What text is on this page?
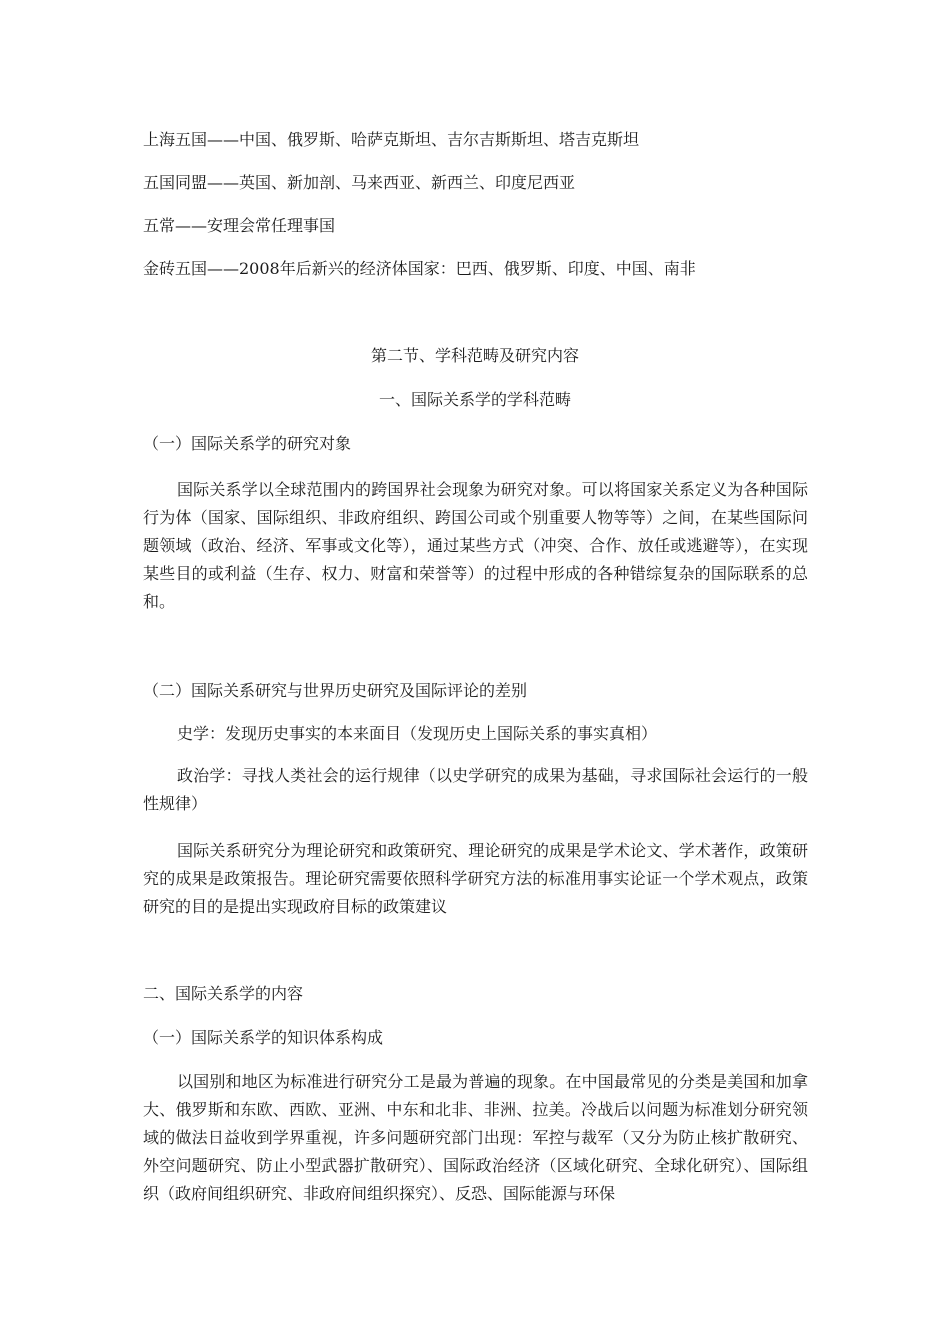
上海五国——中国、俄罗斯、哈萨克斯坦、吉尔吉斯斯坦、塔吉克斯坦
五国同盟——英国、新加剖、马来西亚、新西兰、印度尼西亚
五常——安理会常任理事国
金砖五国——2008年后新兴的经济体国家：巴西、俄罗斯、印度、中国、南非
第二节、学科范畴及研究内容
一、国际关系学的学科范畴
（一）国际关系学的研究对象
国际关系学以全球范围内的跨国界社会现象为研究对象。可以将国家关系定义为各种国际行为体（国家、国际组织、非政府组织、跨国公司或个别重要人物等等）之间，在某些国际问题领域（政治、经济、军事或文化等），通过某些方式（冲突、合作、放任或逃避等），在实现某些目的或利益（生存、权力、财富和荣誉等）的过程中形成的各种错综复杂的国际联系的总和。
（二）国际关系研究与世界历史研究及国际评论的差别
史学：发现历史事实的本来面目（发现历史上国际关系的事实真相）
政治学：寻找人类社会的运行规律（以史学研究的成果为基础，寻求国际社会运行的一般性规律）
国际关系研究分为理论研究和政策研究、理论研究的成果是学术论文、学术著作，政策研究的成果是政策报告。理论研究需要依照科学研究方法的标准用事实论证一个学术观点，政策研究的目的是提出实现政府目标的政策建议
二、国际关系学的内容
（一）国际关系学的知识体系构成
以国别和地区为标准进行研究分工是最为普遍的现象。在中国最常见的分类是美国和加拿大、俄罗斯和东欧、西欧、亚洲、中东和北非、非洲、拉美。冷战后以问题为标准划分研究领域的做法日益收到学界重视，许多问题研究部门出现：军控与裁军（又分为防止核扩散研究、外空问题研究、防止小型武器扩散研究）、国际政治经济（区域化研究、全球化研究）、国际组织（政府间组织研究、非政府间组织探究）、反恐、国际能源与环保
